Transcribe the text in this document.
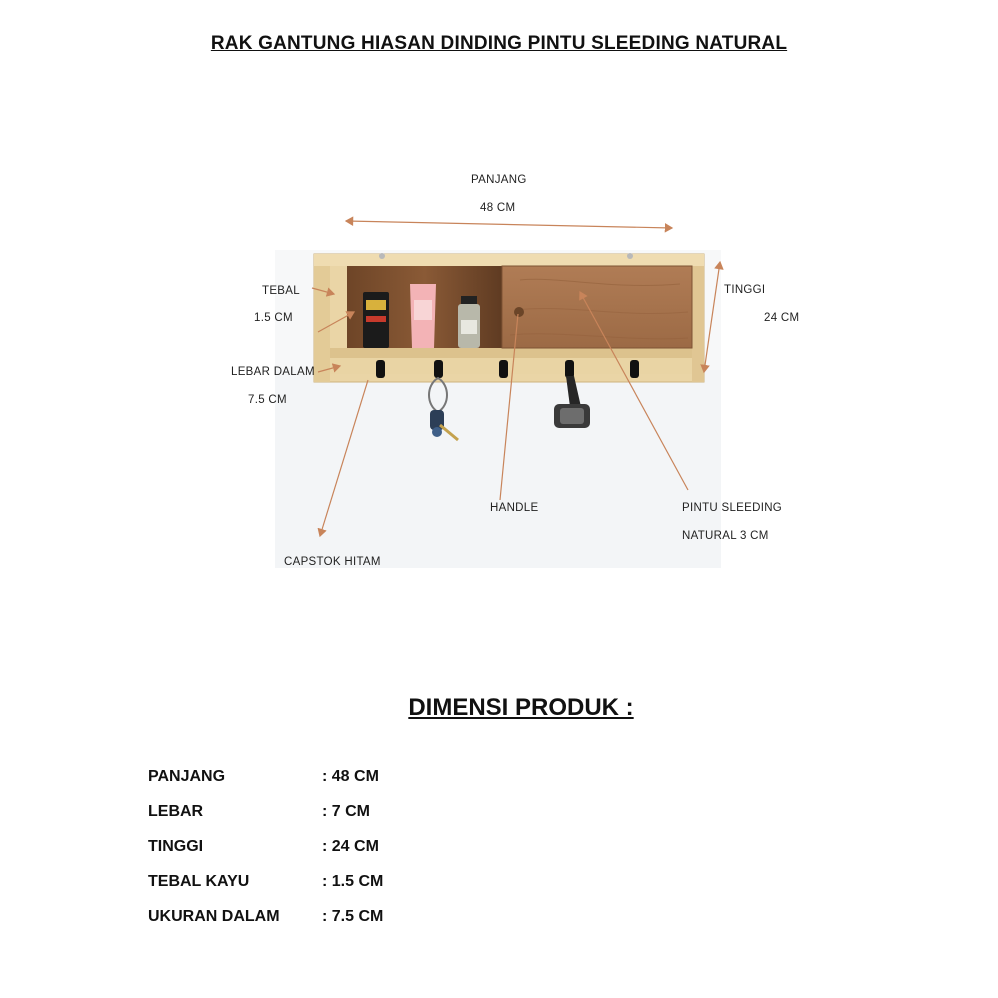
RAK GANTUNG HIASAN DINDING PINTU SLEEDING NATURAL
PANJANG
48 CM
TEBAL
1.5 CM
LEBAR DALAM
7.5 CM
TINGGI
24 CM
HANDLE	PINTU SLEEDING
NATURAL 3 CM
CAPSTOK HITAM
DIMENSI PRODUK :
PANJANG	: 48 CM
LEBAR	: 7 CM
TINGGI	: 24 CM
TEBAL KAYU	: 1.5 CM
UKURAN DALAM	: 7.5 CM
